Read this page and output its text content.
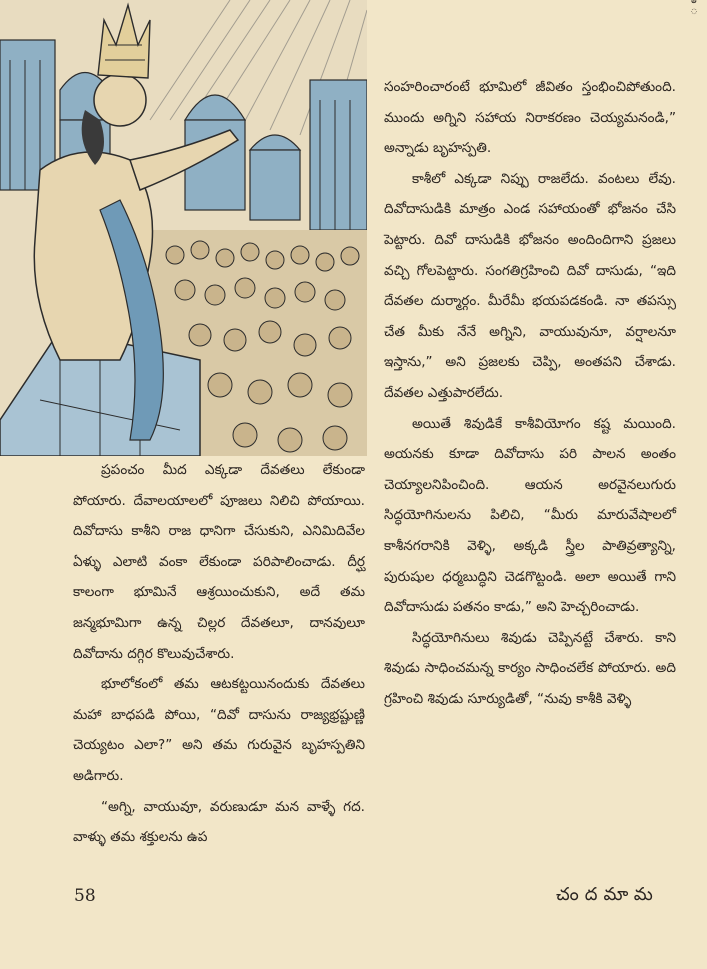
ఀ

సంహరించారంటే భూమిలో జీవితం స్తంభించిపోతుంది. ముందు అగ్నిని సహాయ నిరాకరణం చెయ్యమనండి,” అన్నాడు బృహస్పతి.

కాశీలో ఎక్కడా నిప్పు రాజలేదు. వంటలు లేవు. దివోదాసుడికి మాత్రం ఎండ సహాయంతో భోజనం చేసి పెట్టారు. దివో దాసుడికి భోజనం అందిందిగాని ప్రజలు వచ్చి గోలపెట్టారు. సంగతిగ్రహించి దివో దాసుడు, “ఇది దేవతల దుర్మార్గం. మీరేమీ భయపడకండి. నా తపస్సు చేత మీకు నేనే అగ్నిని, వాయువునూ, వర్షాలనూ ఇస్తాను,” అని ప్రజలకు చెప్పి, అంతపని చేశాడు. దేవతల ఎత్తుపారలేదు.

అయితే శివుడికే కాశీవియోగం కష్ట మయింది. అయనకు కూడా దివోదాసు పరి పాలన అంతం చెయ్యాలనిపించింది. ఆయన అరవైనలుగురు సిద్ధయోగినులను పిలిచి, “మీరు మారువేషాలలో కాశీనగరానికి వెళ్ళి, అక్కడి స్త్రీల పాతివ్రత్యాన్ని, పురుషుల ధర్మబుద్ధిని చెడగొట్టండి. అలా అయితే గాని దివోదాసుడు పతనం కాడు,” అని హెచ్చరించాడు.

సిద్ధయోగినులు శివుడు చెప్పినట్టే చేశారు. కాని శివుడు సాధించమన్న కార్యం సాధించలేక పోయారు. అది గ్రహించి శివుడు సూర్యుడితో, “నువు కాశీకి వెళ్ళి

ప్రపంచం మీద ఎక్కడా దేవతలు లేకుండా పోయారు. దేవాలయాలలో పూజలు నిలిచి పోయాయి. దివోదాసు కాశీని రాజ ధానిగా చేసుకుని, ఎనిమిదివేల ఏళ్ళు ఎలాటి వంకా లేకుండా పరిపాలించాడు. దీర్ఘ కాలంగా భూమినే ఆశ్రయించుకుని, అదే తమ జన్మభూమిగా ఉన్న చిల్లర దేవతలూ, దానవులూ దివోదాను దగ్గిర కొలువుచేశారు.

భూలోకంలో తమ ఆటకట్టయినందుకు దేవతలు మహా బాధపడి పోయి, “దివో దాసును రాజ్యభ్రష్టుణ్ణి చెయ్యటం ఎలా?” అని తమ గురువైన బృహస్పతిని అడిగారు.

“అగ్ని, వాయువూ, వరుణుడూ మన వాళ్ళే గద. వాళ్ళు తమ శక్తులను ఉప

58	చందమామ
